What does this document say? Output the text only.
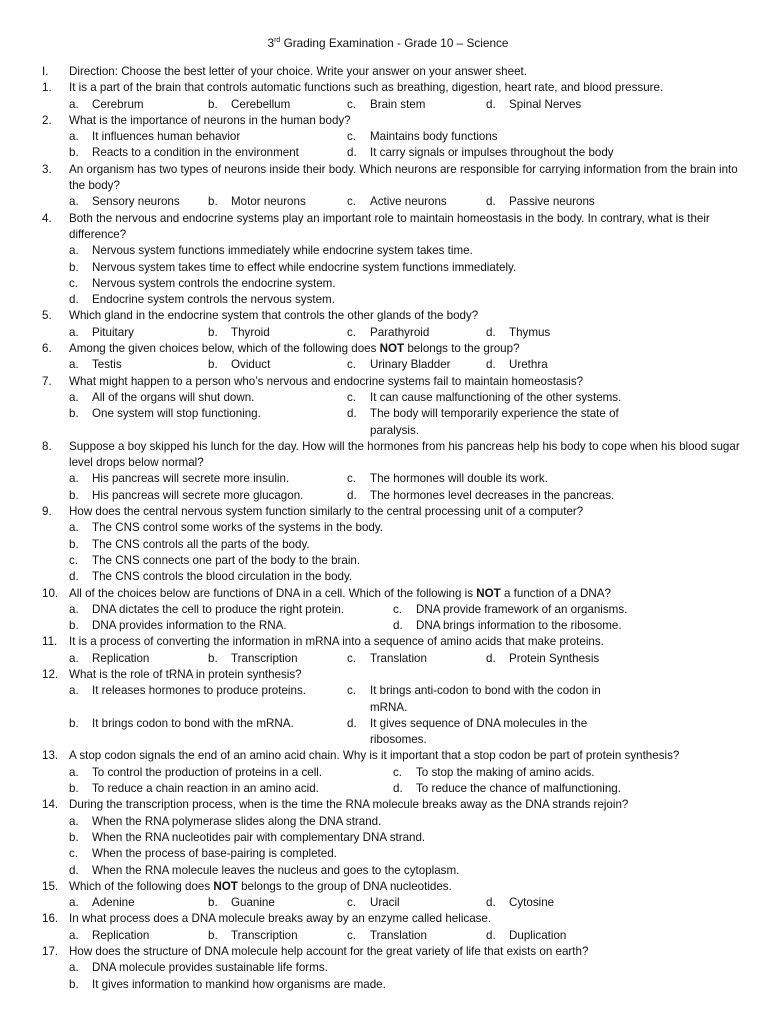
3rd Grading Examination - Grade 10 – Science
I.	Direction: Choose the best letter of your choice. Write your answer on your answer sheet.
1.	It is a part of the brain that controls automatic functions such as breathing, digestion, heart rate, and blood pressure.
a.	Cerebrum	b.	Cerebellum	c.	Brain stem	d.	Spinal Nerves
2.	What is the importance of neurons in the human body?
a.	It influences human behavior	c.	Maintains body functions
b.	Reacts to a condition in the environment	d.	It carry signals or impulses throughout the body
3.	An organism has two types of neurons inside their body. Which neurons are responsible for carrying information from the brain into the body?
a.	Sensory neurons b.	Motor neurons	c.	Active neurons	d.	Passive neurons
4.	Both the nervous and endocrine systems play an important role to maintain homeostasis in the body. In contrary, what is their difference?
a.	Nervous system functions immediately while endocrine system takes time.
b.	Nervous system takes time to effect while endocrine system functions immediately.
c.	Nervous system controls the endocrine system.
d.	Endocrine system controls the nervous system.
5.	Which gland in the endocrine system that controls the other glands of the body?
a.	Pituitary	b.	Thyroid	c.	Parathyroid	d.	Thymus
6.	Among the given choices below, which of the following does NOT belongs to the group?
a.	Testis	b.	Oviduct	c.	Urinary Bladder	d.	Urethra
7.	What might happen to a person who’s nervous and endocrine systems fail to maintain homeostasis?
a.	All of the organs will shut down.	c.	It can cause malfunctioning of the other systems.
b.	One system will stop functioning.	d.	The body will temporarily experience the state of paralysis.
8.	Suppose a boy skipped his lunch for the day. How will the hormones from his pancreas help his body to cope when his blood sugar level drops below normal?
a.	His pancreas will secrete more insulin.	c.	The hormones will double its work.
b.	His pancreas will secrete more glucagon.	d.	The hormones level decreases in the pancreas.
9.	How does the central nervous system function similarly to the central processing unit of a computer?
a.	The CNS control some works of the systems in the body.
b.	The CNS controls all the parts of the body.
c.	The CNS connects one part of the body to the brain.
d.	The CNS controls the blood circulation in the body.
10. All of the choices below are functions of DNA in a cell. Which of the following is NOT a function of a DNA?
a.	DNA dictates the cell to produce the right protein.	c.	DNA provide framework of an organisms.
b.	DNA provides information to the RNA.	d.	DNA brings information to the ribosome.
11.	It is a process of converting the information in mRNA into a sequence of amino acids that make proteins.
a.	Replication	b.	Transcription	c.	Translation	d.	Protein Synthesis
12. What is the role of tRNA in protein synthesis?
a.	It releases hormones to produce proteins.	c.	It brings anti-codon to bond with the codon in mRNA.
b.	It brings codon to bond with the mRNA.	d.	It gives sequence of DNA molecules in the ribosomes.
13. A stop codon signals the end of an amino acid chain. Why is it important that a stop codon be part of protein synthesis?
a.	To control the production of proteins in a cell.	c.	To stop the making of amino acids.
b.	To reduce a chain reaction in an amino acid.	d.	To reduce the chance of malfunctioning.
14. During the transcription process, when is the time the RNA molecule breaks away as the DNA strands rejoin?
a.	When the RNA polymerase slides along the DNA strand.
b.	When the RNA nucleotides pair with complementary DNA strand.
c.	When the process of base-pairing is completed.
d.	When the RNA molecule leaves the nucleus and goes to the cytoplasm.
15. Which of the following does NOT belongs to the group of DNA nucleotides.
a.	Adenine	b.	Guanine	c.	Uracil	d.	Cytosine
16. In what process does a DNA molecule breaks away by an enzyme called helicase.
a.	Replication	b.	Transcription	c.	Translation	d.	Duplication
17. How does the structure of DNA molecule help account for the great variety of life that exists on earth?
a.	DNA molecule provides sustainable life forms.
b.	It gives information to mankind how organisms are made.
